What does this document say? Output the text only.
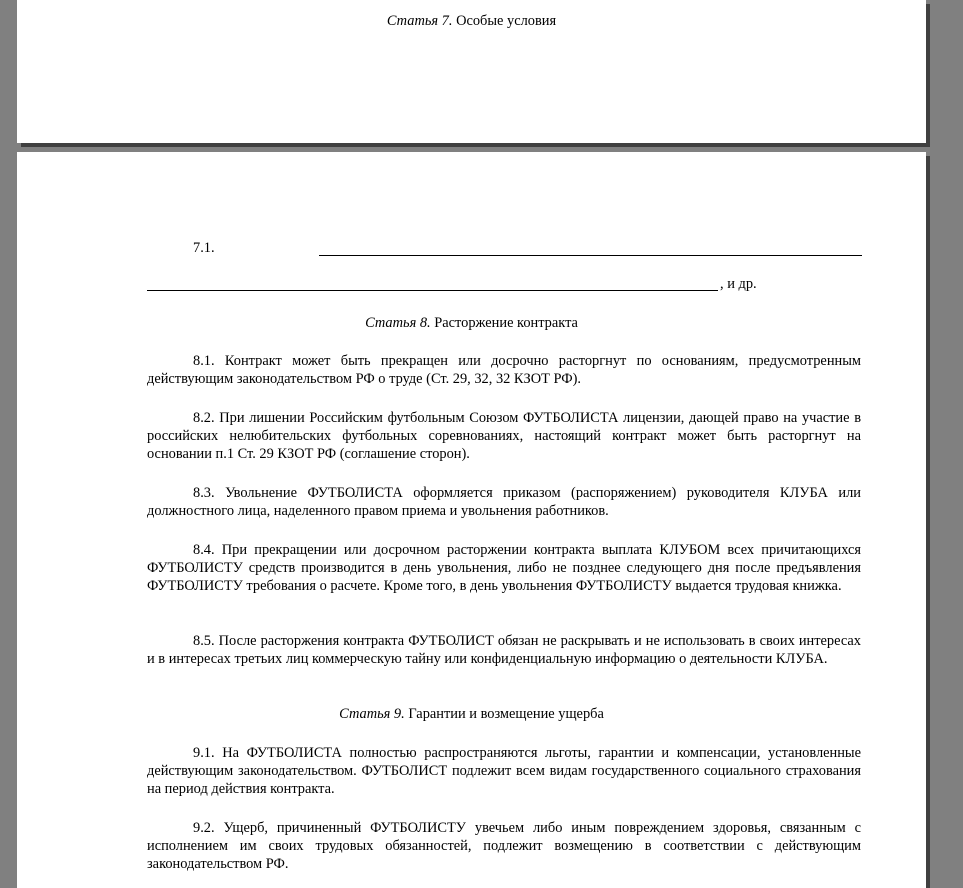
Статья 7. Особые условия
7.1.
, и др.
Статья 8. Расторжение контракта
8.1. Контракт может быть прекращен или досрочно расторгнут по основаниям, предусмотренным действующим законодательством РФ о труде (Ст. 29, 32, 32 КЗОТ РФ).
8.2. При лишении Российским футбольным Союзом ФУТБОЛИСТА лицензии, дающей право на участие в российских нелюбительских футбольных соревнованиях, настоящий контракт может быть расторгнут на основании п.1 Ст. 29 КЗОТ РФ (соглашение сторон).
8.3. Увольнение ФУТБОЛИСТА оформляется приказом (распоряжением) руководителя КЛУБА или должностного лица, наделенного правом приема и увольнения работников.
8.4. При прекращении или досрочном расторжении контракта выплата КЛУБОМ всех причитающихся ФУТБОЛИСТУ средств производится в день увольнения, либо не позднее следующего дня после предъявления ФУТБОЛИСТУ требования о расчете. Кроме того, в день увольнения ФУТБОЛИСТУ выдается трудовая книжка.
8.5. После расторжения контракта ФУТБОЛИСТ обязан не раскрывать и не использовать в своих интересах и в интересах третьих лиц коммерческую тайну или конфиденциальную информацию о деятельности КЛУБА.
Статья 9. Гарантии и возмещение ущерба
9.1. На ФУТБОЛИСТА полностью распространяются льготы, гарантии и компенсации, установленные действующим законодательством. ФУТБОЛИСТ подлежит всем видам государственного социального страхования на период действия контракта.
9.2. Ущерб, причиненный ФУТБОЛИСТУ увечьем либо иным повреждением здоровья, связанным с исполнением им своих трудовых обязанностей, подлежит возмещению в соответствии с действующим законодательством РФ.
